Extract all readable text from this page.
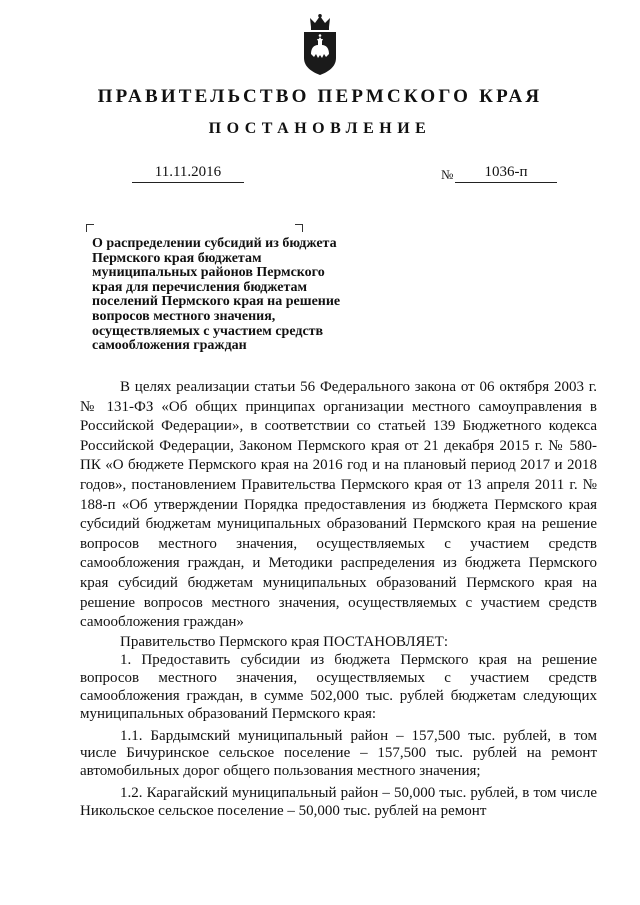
ПРАВИТЕЛЬСТВО ПЕРМСКОГО КРАЯ
ПОСТАНОВЛЕНИЕ
11.11.2016	№	1036-п
О распределении субсидий из бюджета
Пермского края бюджетам
муниципальных районов Пермского
края для перечисления бюджетам
поселений Пермского края на решение
вопросов местного значения,
осуществляемых с участием средств
самообложения граждан

В целях реализации статьи 56 Федерального закона от 06 октября 2003 г. № 131-ФЗ «Об общих принципах организации местного самоуправления в Российской Федерации», в соответствии со статьей 139 Бюджетного кодекса Российской Федерации, Законом Пермского края от 21 декабря 2015 г. № 580-ПК «О бюджете Пермского края на 2016 год и на плановый период 2017 и 2018 годов», постановлением Правительства Пермского края от 13 апреля 2011 г. № 188-п «Об утверждении Порядка предоставления из бюджета Пермского края субсидий бюджетам муниципальных образований Пермского края на решение вопросов местного значения, осуществляемых с участием средств самообложения граждан, и Методики распределения из бюджета Пермского края субсидий бюджетам муниципальных образований Пермского края на решение вопросов местного значения, осуществляемых с участием средств самообложения граждан»

Правительство Пермского края ПОСТАНОВЛЯЕТ:

1. Предоставить субсидии из бюджета Пермского края на решение вопросов местного значения, осуществляемых с участием средств самообложения граждан, в сумме 502,000 тыс. рублей бюджетам следующих муниципальных образований Пермского края:

1.1. Бардымский муниципальный район – 157,500 тыс. рублей, в том числе Бичуринское сельское поселение – 157,500 тыс. рублей на ремонт автомобильных дорог общего пользования местного значения;

1.2. Карагайский муниципальный район – 50,000 тыс. рублей, в том числе Никольское сельское поселение – 50,000 тыс. рублей на ремонт
